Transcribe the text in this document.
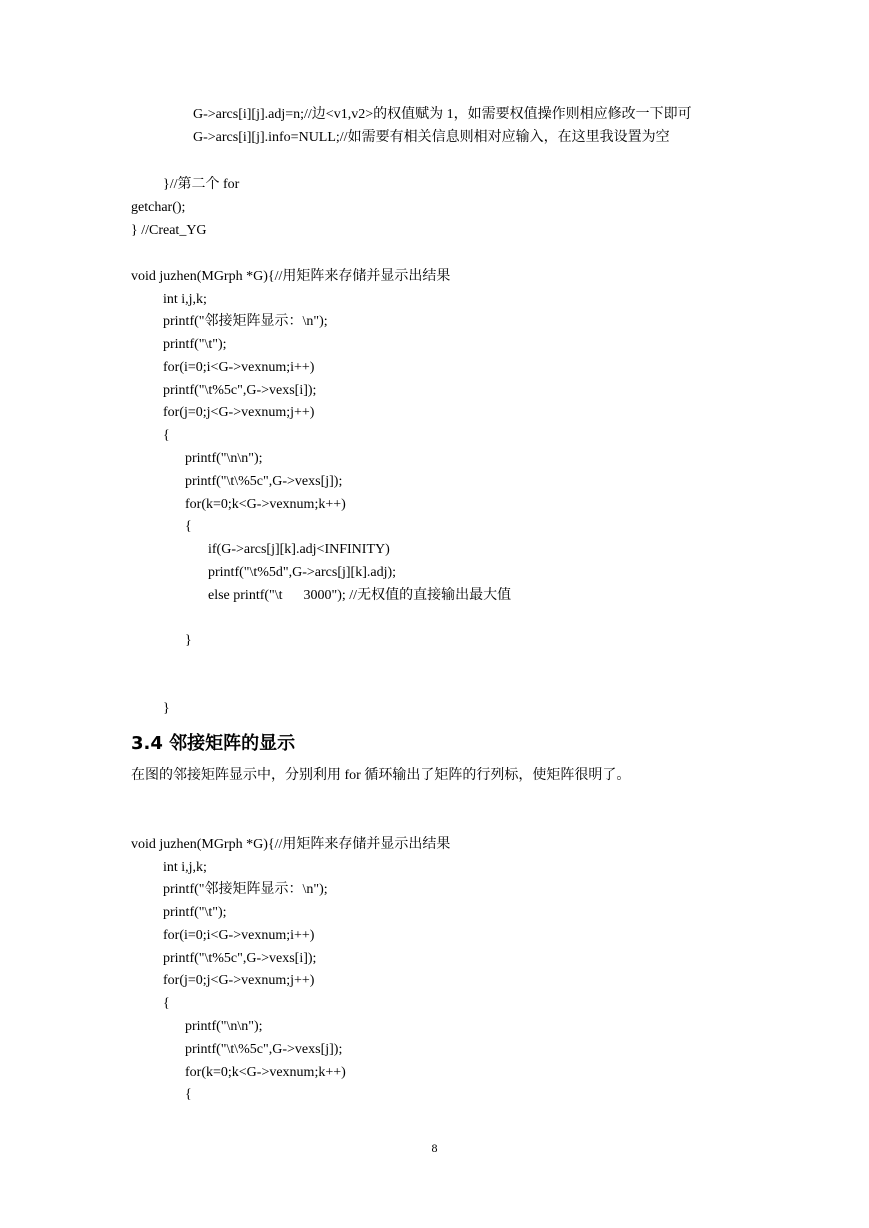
G->arcs[i][j].adj=n;//边<v1,v2>的权值赋为 1，如需要权值操作则相应修改一下即可

G->arcs[i][j].info=NULL;//如需要有相关信息则相对应输入，在这里我设置为空

}//第二个 for

getchar();

} //Creat_YG

void juzhen(MGrph *G){//用矩阵来存储并显示出结果

int i,j,k;

printf("邻接矩阵显示：\n");

printf("\t");

for(i=0;i<G->vexnum;i++)

printf("\t%5c",G->vexs[i]);

for(j=0;j<G->vexnum;j++)

{

printf("\n\n");

printf("\t\%5c",G->vexs[j]);

for(k=0;k<G->vexnum;k++)

{

if(G->arcs[j][k].adj<INFINITY)

printf("\t%5d",G->arcs[j][k].adj);

else printf("\t      3000"); //无权值的直接输出最大值

}

}

3.4 邻接矩阵的显示

在图的邻接矩阵显示中，分别利用 for 循环输出了矩阵的行列标，使矩阵很明了。

void juzhen(MGrph *G){//用矩阵来存储并显示出结果

int i,j,k;

printf("邻接矩阵显示：\n");

printf("\t");

for(i=0;i<G->vexnum;i++)

printf("\t%5c",G->vexs[i]);

for(j=0;j<G->vexnum;j++)

{

printf("\n\n");

printf("\t\%5c",G->vexs[j]);

for(k=0;k<G->vexnum;k++)

{

8
